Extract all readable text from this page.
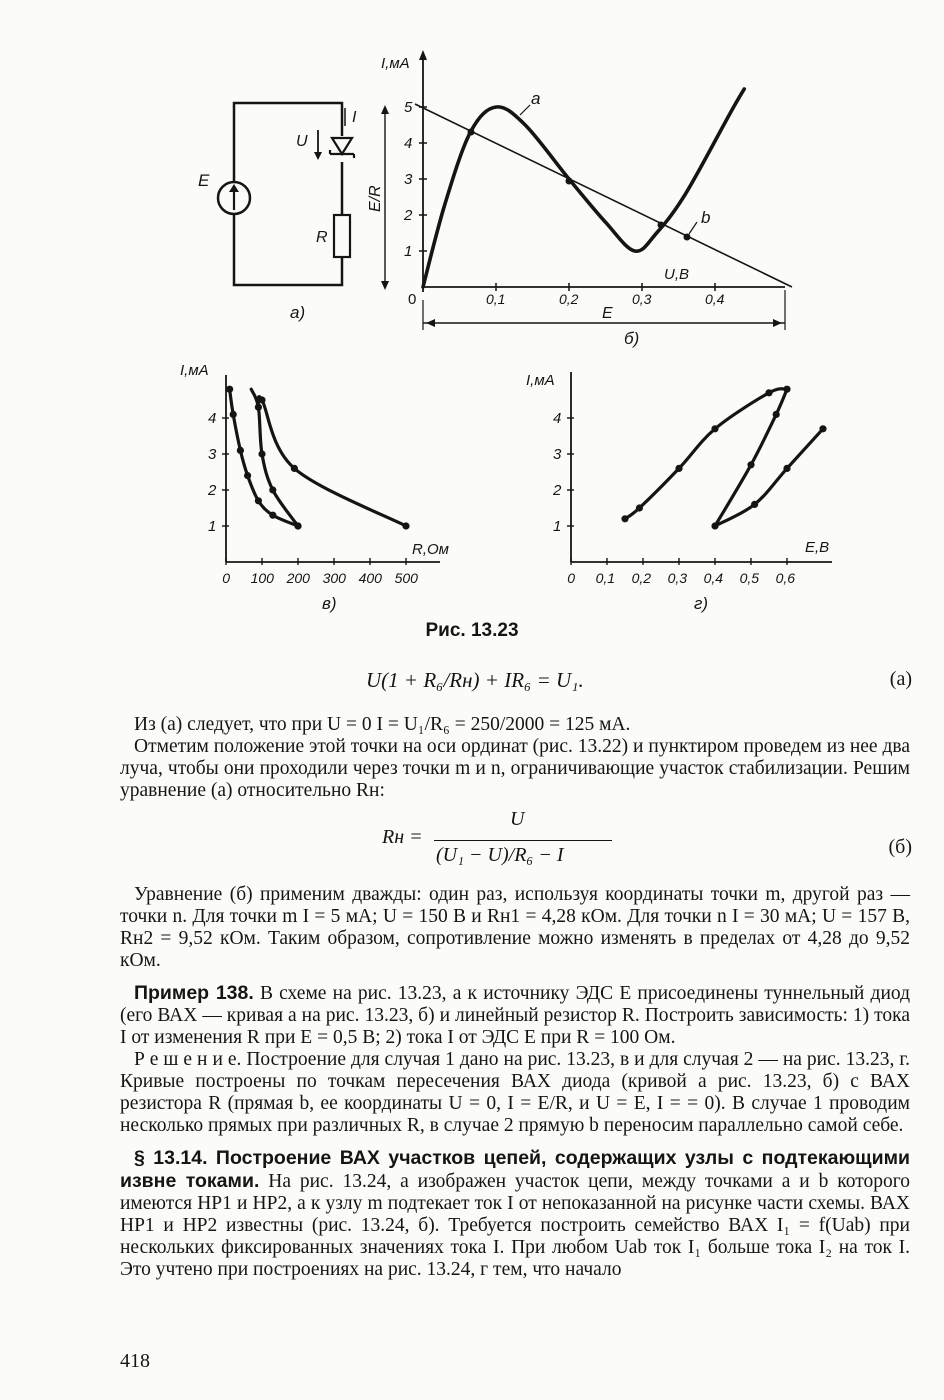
E
I
U
R
а)
I,мА
U,В
0
1
2
3
4
5
0,1	0,2	0,3	0,4
E/R
E
б)
а
b
I,мА
R,Ом
1
2
3
4
0 100 200 300 400 500
в)
I,мА
E,В
1
2
3
4
0 0,1 0,2 0,3 0,4 0,5 0,6
г)
Рис. 13.23
U(1 + R₆/Rн) + IR₆ = U₁.	(а)

Из (а) следует, что при U = 0 I = U₁/R₆ = 250/2000 = 125 мА.

Отметим положение этой точки на оси ординат (рис. 13.22) и пунктиром проведем из нее два луча, чтобы они проходили через точки m и n, ограничивающие участок стабилизации. Решим уравнение (а) относительно Rн:

Rн =
U
(U₁ − U)/R₆ − I	(б)

Уравнение (б) применим дважды: один раз, используя координаты точки m, другой раз — точки n. Для точки m I = 5 мА; U = 150 В и Rн1 = 4,28 кОм. Для точки n I = 30 мА; U = 157 В, Rн2 = 9,52 кОм. Таким образом, сопротивление можно изменять в пределах от 4,28 до 9,52 кОм.

Пример 138. В схеме на рис. 13.23, а к источнику ЭДС E присоединены туннельный диод (его ВАХ — кривая а на рис. 13.23, б) и линейный резистор R. Построить зависимость: 1) тока I от изменения R при E = 0,5 В; 2) тока I от ЭДС E при R = 100 Ом.

Р е ш е н и е. Построение для случая 1 дано на рис. 13.23, в и для случая 2 — на рис. 13.23, г. Кривые построены по точкам пересечения ВАХ диода (кривой а рис. 13.23, б) с ВАХ резистора R (прямая b, ее координаты U = 0, I = E/R, и U = E, I = = 0). В случае 1 проводим несколько прямых при различных R, в случае 2 прямую b переносим параллельно самой себе.

§ 13.14. Построение ВАХ участков цепей, содержащих узлы с подтекающими извне токами. На рис. 13.24, а изображен участок цепи, между точками а и b которого имеются НР1 и НР2, а к узлу m подтекает ток I от непоказанной на рисунке части схемы. ВАХ НР1 и НР2 известны (рис. 13.24, б). Требуется построить семейство ВАХ I₁ = f(Uab) при нескольких фиксированных значениях тока I. При любом Uab ток I₁ больше тока I₂ на ток I. Это учтено при построениях на рис. 13.24, г тем, что начало

418
